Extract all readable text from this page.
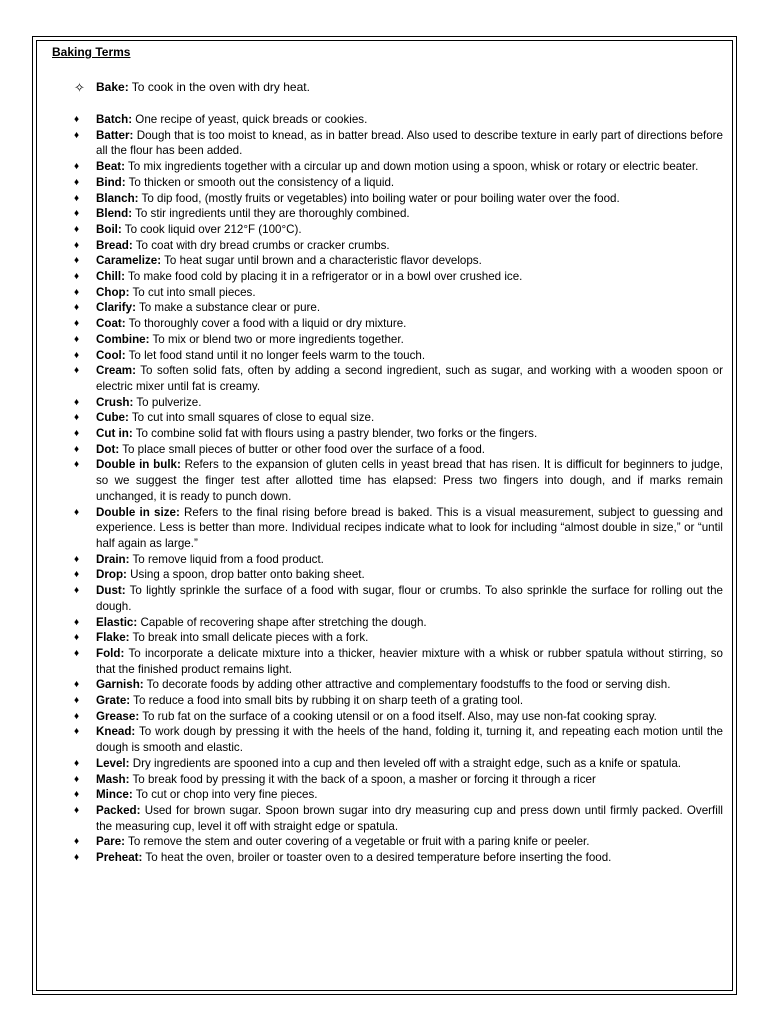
Baking Terms
✧ Bake: To cook in the oven with dry heat.
♦	Batch: One recipe of yeast, quick breads or cookies.
♦	Batter: Dough that is too moist to knead, as in batter bread. Also used to describe texture in early part of directions before all the flour has been added.
♦	Beat: To mix ingredients together with a circular up and down motion using a spoon, whisk or rotary or electric beater.
♦	Bind: To thicken or smooth out the consistency of a liquid.
♦	Blanch: To dip food, (mostly fruits or vegetables) into boiling water or pour boiling water over the food.
♦	Blend: To stir ingredients until they are thoroughly combined.
♦	Boil: To cook liquid over 212°F (100°C).
♦	Bread: To coat with dry bread crumbs or cracker crumbs.
♦	Caramelize: To heat sugar until brown and a characteristic flavor develops.
♦	Chill: To make food cold by placing it in a refrigerator or in a bowl over crushed ice.
♦	Chop: To cut into small pieces.
♦	Clarify: To make a substance clear or pure.
♦	Coat: To thoroughly cover a food with a liquid or dry mixture.
♦	Combine: To mix or blend two or more ingredients together.
♦	Cool: To let food stand until it no longer feels warm to the touch.
♦	Cream: To soften solid fats, often by adding a second ingredient, such as sugar, and working with a wooden spoon or electric mixer until fat is creamy.
♦	Crush: To pulverize.
♦	Cube: To cut into small squares of close to equal size.
♦	Cut in: To combine solid fat with flours using a pastry blender, two forks or the fingers.
♦	Dot: To place small pieces of butter or other food over the surface of a food.
♦	Double in bulk: Refers to the expansion of gluten cells in yeast bread that has risen. It is difficult for beginners to judge, so we suggest the finger test after allotted time has elapsed: Press two fingers into dough, and if marks remain unchanged, it is ready to punch down.
♦	Double in size: Refers to the final rising before bread is baked. This is a visual measurement, subject to guessing and experience. Less is better than more. Individual recipes indicate what to look for including “almost double in size,” or “until half again as large.”
♦	Drain: To remove liquid from a food product.
♦	Drop: Using a spoon, drop batter onto baking sheet.
♦	Dust: To lightly sprinkle the surface of a food with sugar, flour or crumbs. To also sprinkle the surface for rolling out the dough.
♦	Elastic: Capable of recovering shape after stretching the dough.
♦	Flake: To break into small delicate pieces with a fork.
♦	Fold: To incorporate a delicate mixture into a thicker, heavier mixture with a whisk or rubber spatula without stirring, so that the finished product remains light.
♦	Garnish: To decorate foods by adding other attractive and complementary foodstuffs to the food or serving dish.
♦	Grate: To reduce a food into small bits by rubbing it on sharp teeth of a grating tool.
♦	Grease: To rub fat on the surface of a cooking utensil or on a food itself. Also, may use non-fat cooking spray.
♦	Knead: To work dough by pressing it with the heels of the hand, folding it, turning it, and repeating each motion until the dough is smooth and elastic.
♦	Level: Dry ingredients are spooned into a cup and then leveled off with a straight edge, such as a knife or spatula.
♦	Mash: To break food by pressing it with the back of a spoon, a masher or forcing it through a ricer
♦	Mince: To cut or chop into very fine pieces.
♦	Packed: Used for brown sugar. Spoon brown sugar into dry measuring cup and press down until firmly packed. Overfill the measuring cup, level it off with straight edge or spatula.
♦	Pare: To remove the stem and outer covering of a vegetable or fruit with a paring knife or peeler.
♦	Preheat: To heat the oven, broiler or toaster oven to a desired temperature before inserting the food.
